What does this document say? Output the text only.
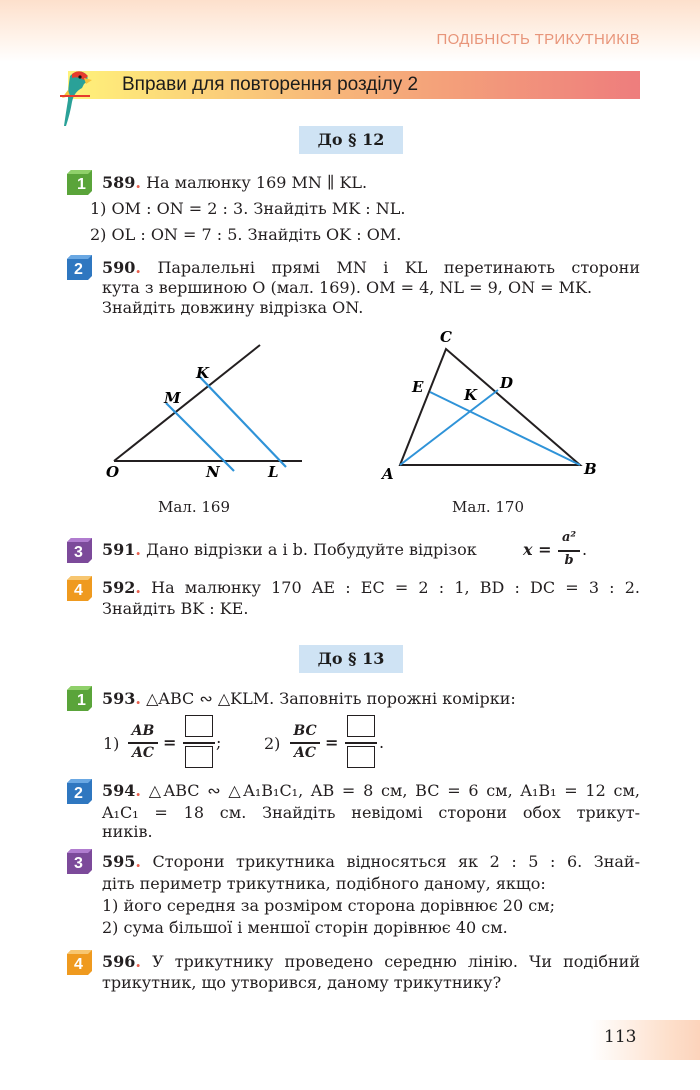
ПОДІБНІСТЬ ТРИКУТНИКІВ
Вправи для повторення розділу 2
До § 12
1 589. На малюнку 169 MN ∥ KL.
1) OM : ON = 2 : 3. Знайдіть MK : NL.
2) OL : ON = 7 : 5. Знайдіть OK : OM.
2 590. Паралельні прямі MN і KL перетинають сторони
кута з вершиною O (мал. 169). OM = 4, NL = 9, ON = MK.
Знайдіть довжину відрізка ON.
O	N	L
M
K
Мал. 169
C
E	D
K
A	B
Мал. 170
3 591. Дано відрізки a і b. Побудуйте відрізок	x =
a²
b
.
4 592. На малюнку 170 AE : EC = 2 : 1, BD : DC = 3 : 2.
Знайдіть BK : KE.
До § 13
1 593. △ABC ∾ △KLM. Заповніть порожні комірки:
1)
AB
AC
= ;	2)
BC
AC
=	.
2 594. △ABC ∾ △A₁B₁C₁, AB = 8 см, BC = 6 см, A₁B₁ = 12 см,
A₁C₁ = 18 см. Знайдіть невідомі сторони обох трикут-
ників.
3 595. Сторони трикутника відносяться як 2 : 5 : 6. Знай-
діть периметр трикутника, подібного даному, якщо:
1) його середня за розміром сторона дорівнює 20 см;
2) сума більшої і меншої сторін дорівнює 40 см.
4 596. У трикутнику проведено середню лінію. Чи подібний
трикутник, що утворився, даному трикутнику?
113
